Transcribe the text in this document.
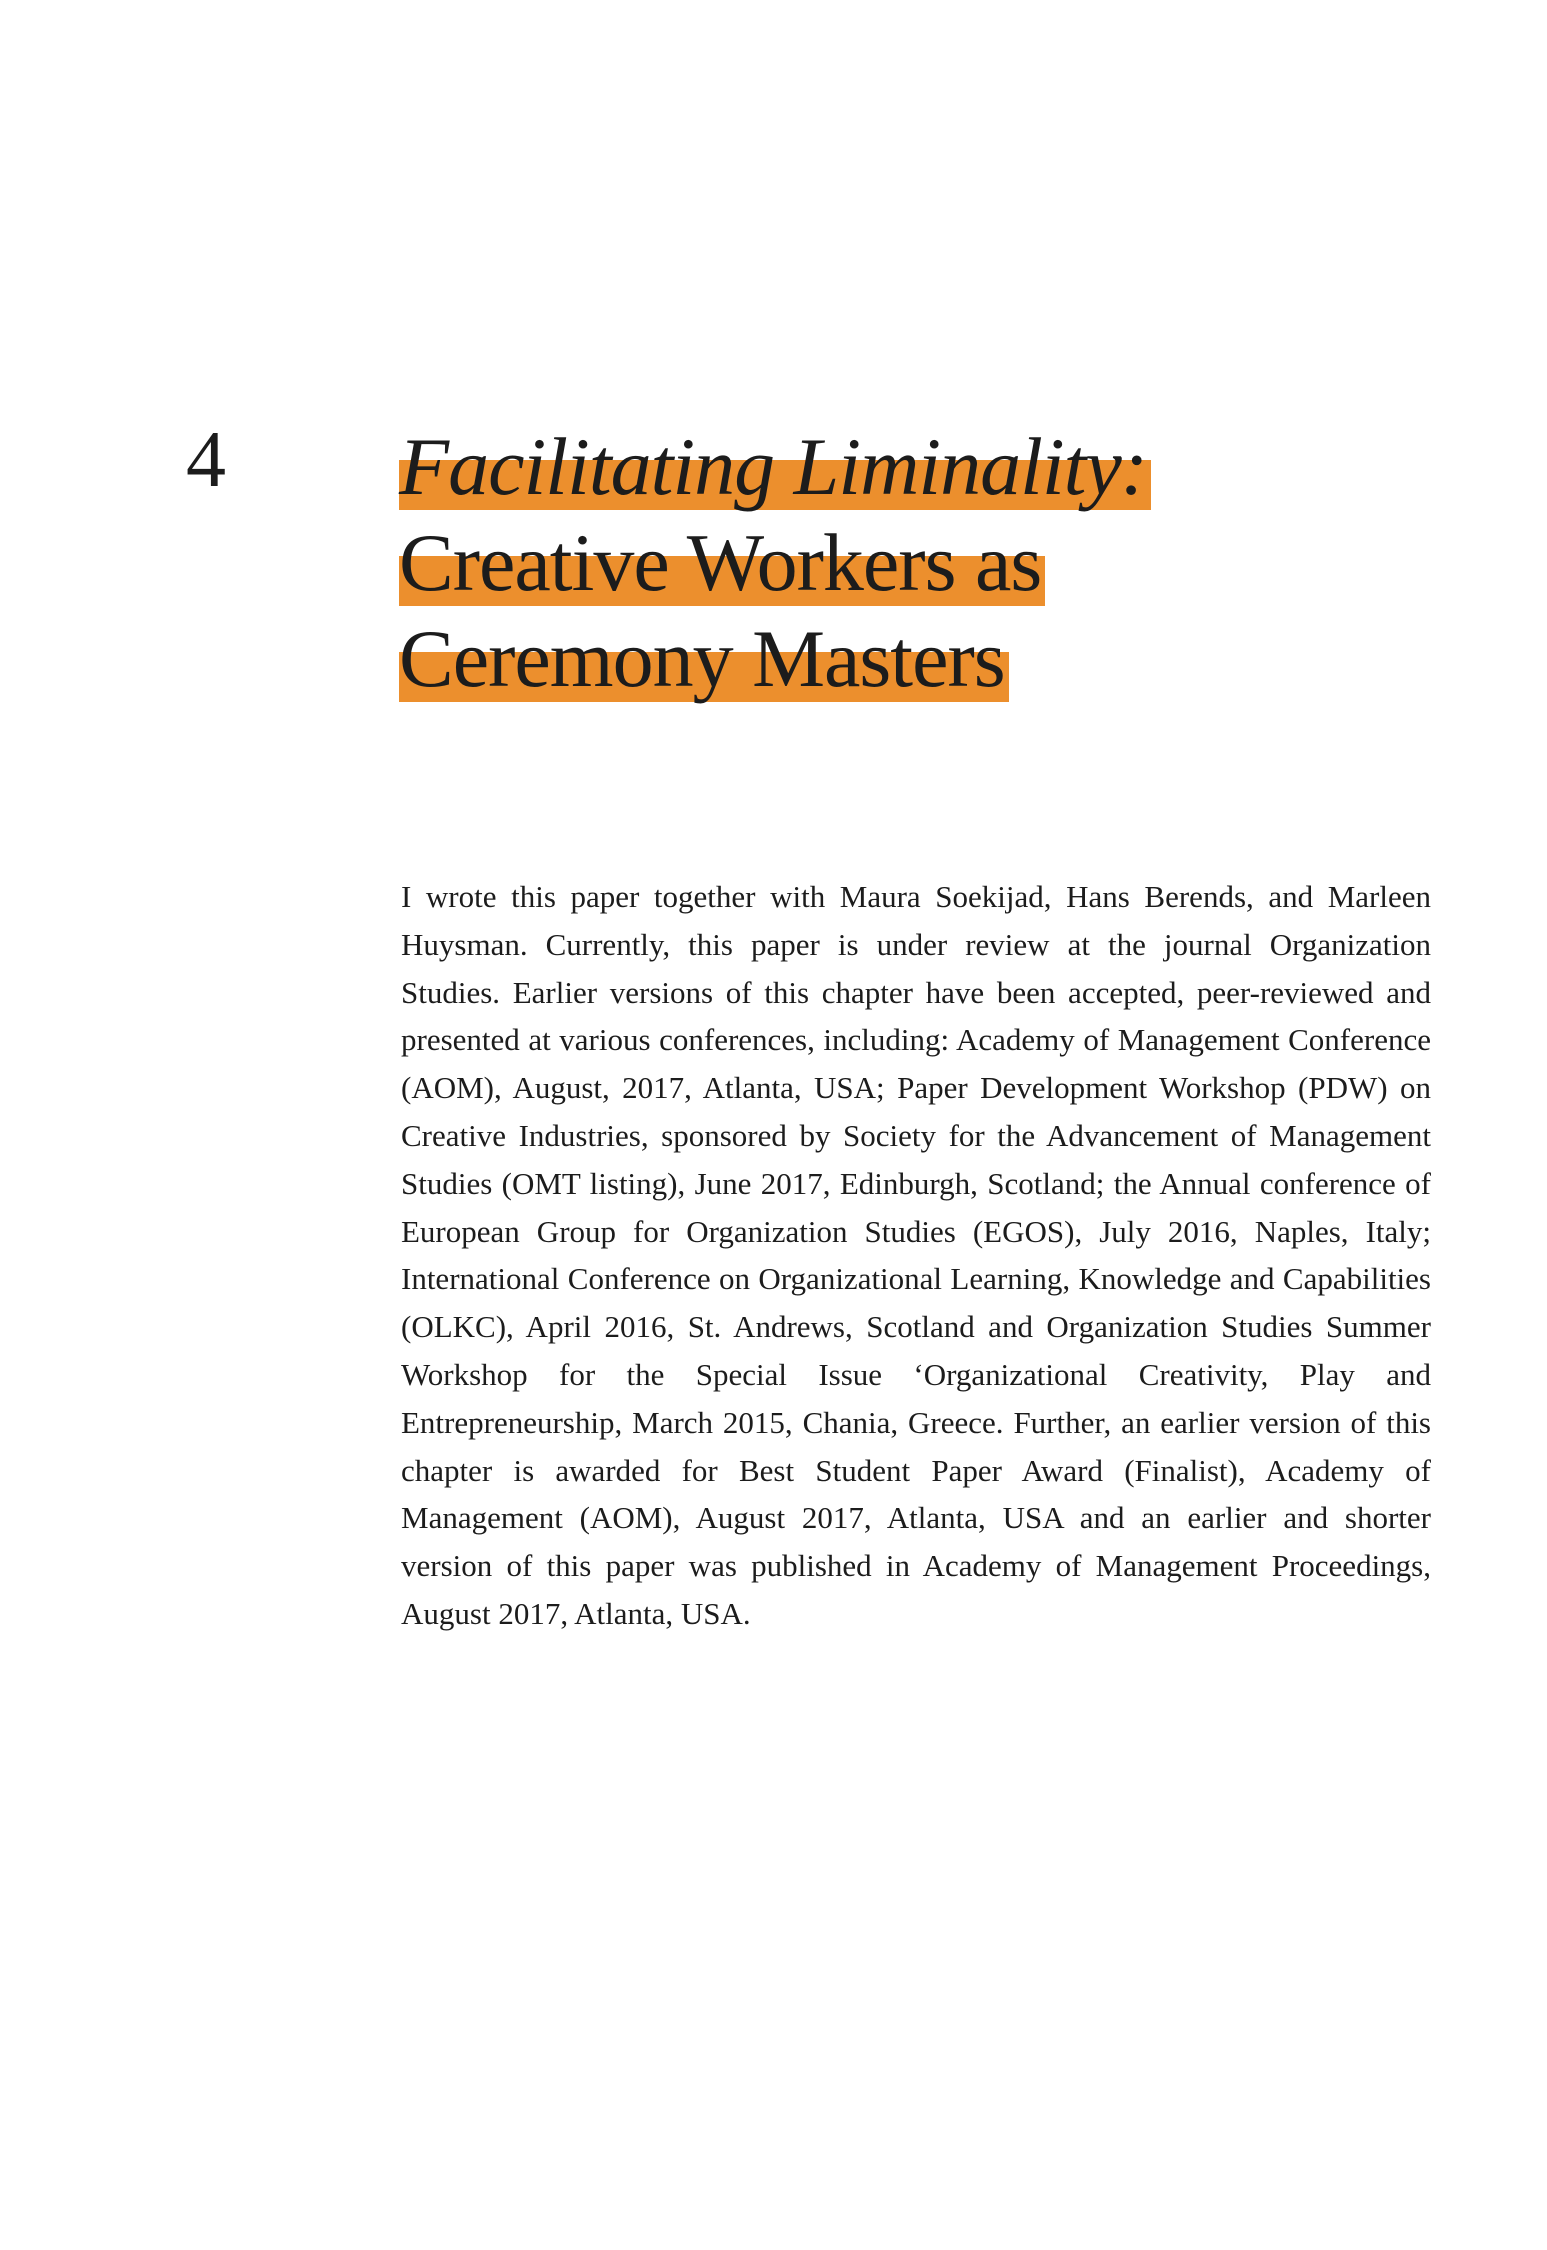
4 Facilitating Liminality:
Creative Workers as
Ceremony Masters

I wrote this paper together with Maura Soekijad, Hans Berends, and Marleen Huysman. Currently, this paper is under review at the journal Organization Studies. Earlier versions of this chapter have been accepted, peer-reviewed and presented at various conferences, including: Academy of Management Conference (AOM), August, 2017, Atlanta, USA; Paper Development Workshop (PDW) on Creative Industries, sponsored by Society for the Advancement of Management Studies (OMT listing), June 2017, Edinburgh, Scotland; the Annual conference of European Group for Organization Studies (EGOS), July 2016, Naples, Italy; International Conference on Organizational Learning, Knowledge and Capabilities (OLKC), April 2016, St. Andrews, Scotland and Organization Studies Summer Workshop for the Special Issue ‘Organizational Creativity, Play and Entrepreneurship, March 2015, Chania, Greece. Further, an earlier version of this chapter is awarded for Best Student Paper Award (Finalist), Academy of Management (AOM), August 2017, Atlanta, USA and an earlier and shorter version of this paper was published in Academy of Management Proceedings, August 2017, Atlanta, USA.
